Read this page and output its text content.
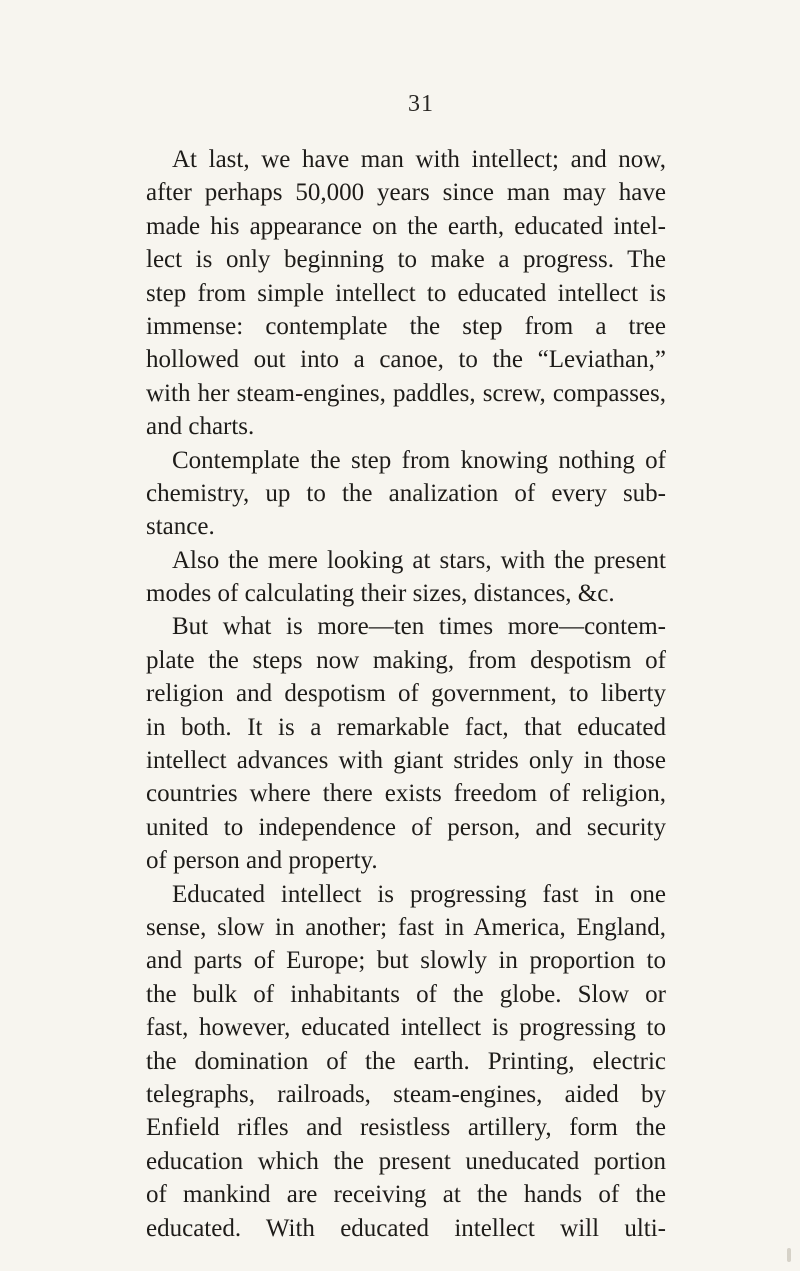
31
At last, we have man with intellect; and now,
after perhaps 50,000 years since man may have
made his appearance on the earth, educated intel-
lect is only beginning to make a progress. The
step from simple intellect to educated intellect is
immense: contemplate the step from a tree
hollowed out into a canoe, to the “Leviathan,”
with her steam-engines, paddles, screw, compasses,
and charts.
Contemplate the step from knowing nothing of
chemistry, up to the analization of every sub-
stance.
Also the mere looking at stars, with the present
modes of calculating their sizes, distances, &c.
But what is more—ten times more—contem-
plate the steps now making, from despotism of
religion and despotism of government, to liberty
in both. It is a remarkable fact, that educated
intellect advances with giant strides only in those
countries where there exists freedom of religion,
united to independence of person, and security
of person and property.
Educated intellect is progressing fast in one
sense, slow in another; fast in America, England,
and parts of Europe; but slowly in proportion to
the bulk of inhabitants of the globe. Slow or
fast, however, educated intellect is progressing to
the domination of the earth. Printing, electric
telegraphs, railroads, steam-engines, aided by
Enfield rifles and resistless artillery, form the
education which the present uneducated portion
of mankind are receiving at the hands of the
educated. With educated intellect will ulti-
